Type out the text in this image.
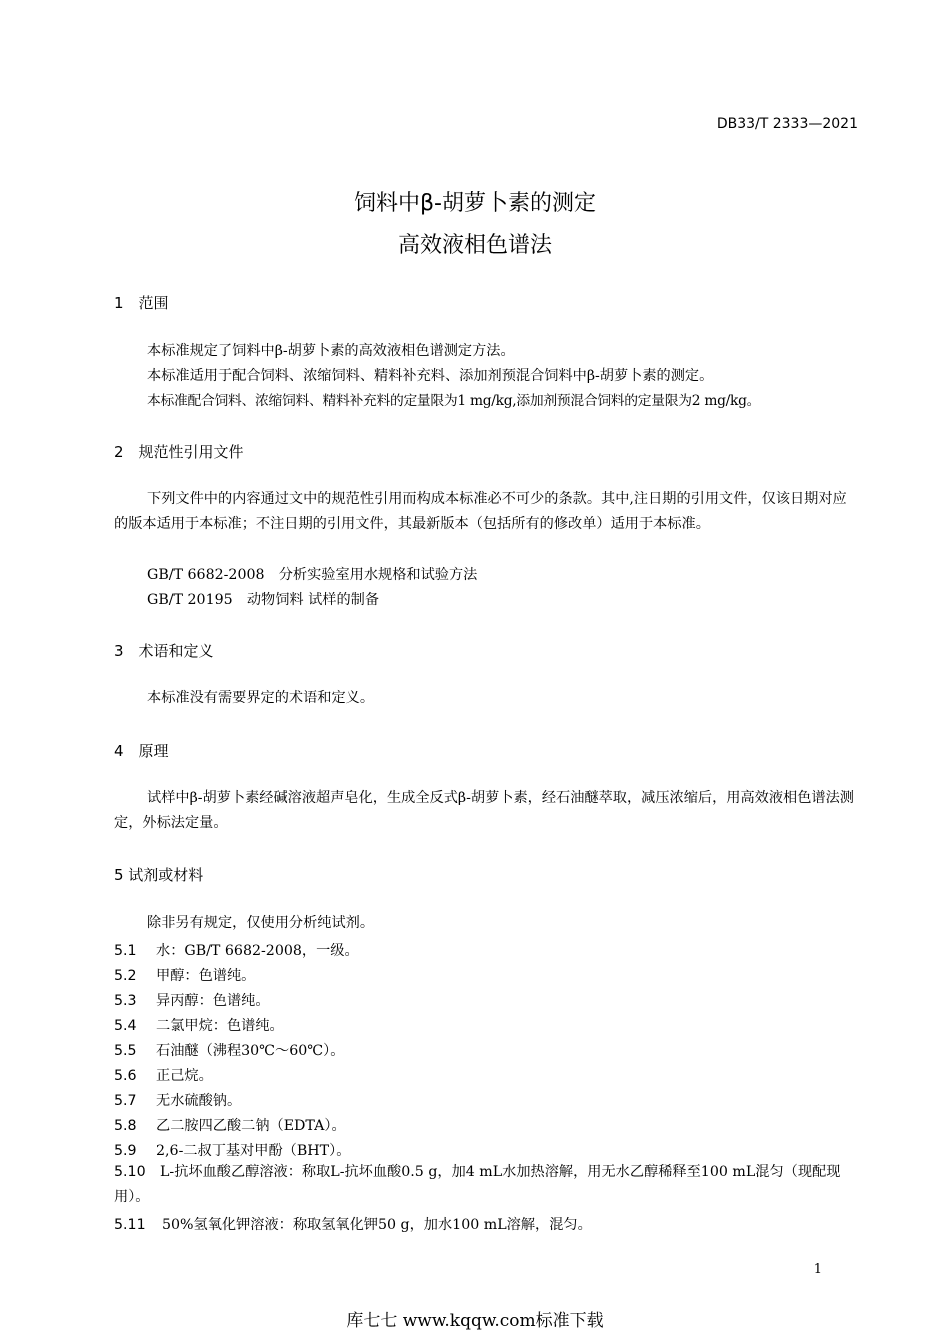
DB33/T 2333—2021
饲料中β-胡萝卜素的测定
高效液相色谱法
1　范围
本标准规定了饲料中β-胡萝卜素的高效液相色谱测定方法。
本标准适用于配合饲料、浓缩饲料、精料补充料、添加剂预混合饲料中β-胡萝卜素的测定。
本标准配合饲料、浓缩饲料、精料补充料的定量限为1 mg/kg,添加剂预混合饲料的定量限为2 mg/kg。
2　规范性引用文件
下列文件中的内容通过文中的规范性引用而构成本标准必不可少的条款。其中,注日期的引用文件，仅该日期对应的版本适用于本标准；不注日期的引用文件，其最新版本（包括所有的修改单）适用于本标准。
GB/T 6682-2008　分析实验室用水规格和试验方法
GB/T 20195　动物饲料 试样的制备
3　术语和定义
本标准没有需要界定的术语和定义。
4　原理
试样中β-胡萝卜素经碱溶液超声皂化，生成全反式β-胡萝卜素，经石油醚萃取，减压浓缩后，用高效液相色谱法测定，外标法定量。
5 试剂或材料
除非另有规定，仅使用分析纯试剂。
5.1 水：GB/T 6682-2008，一级。
5.2 甲醇：色谱纯。
5.3 异丙醇：色谱纯。
5.4 二氯甲烷：色谱纯。
5.5 石油醚（沸程30℃～60℃）。
5.6 正己烷。
5.7 无水硫酸钠。
5.8 乙二胺四乙酸二钠（EDTA）。
5.9 2,6-二叔丁基对甲酚（BHT）。
5.10 L-抗坏血酸乙醇溶液：称取L-抗坏血酸0.5 g，加4 mL水加热溶解，用无水乙醇稀释至100 mL混匀（现配现用）。
5.11 50%氢氧化钾溶液：称取氢氧化钾50 g，加水100 mL溶解，混匀。
1
库七七 www.kqqw.com标准下载
